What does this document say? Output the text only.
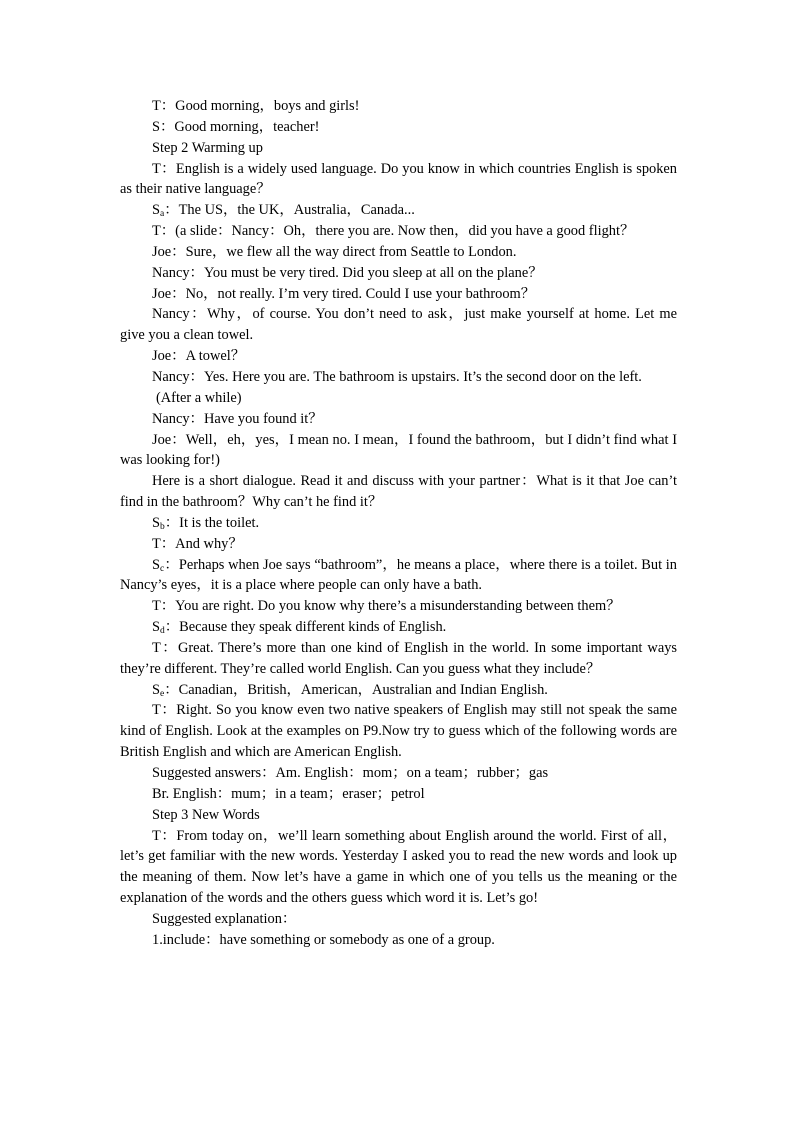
T：Good morning，boys and girls!

S：Good morning，teacher!

Step 2 Warming up

T：English is a widely used language. Do you know in which countries English is spoken as their native language？

$S_a$：The US，the UK，Australia，Canada...

T：(a slide：Nancy：Oh，there you are. Now then，did you have a good flight？

Joe：Sure，we flew all the way direct from Seattle to London.

Nancy：You must be very tired. Did you sleep at all on the plane？

Joe：No，not really. I’m very tired. Could I use your bathroom？

Nancy：Why，of course. You don’t need to ask，just make yourself at home. Let me give you a clean towel.

Joe：A towel？

Nancy：Yes. Here you are. The bathroom is upstairs. It’s the second door on the left.

(After a while)

Nancy：Have you found it？

Joe：Well，eh，yes，I mean no. I mean，I found the bathroom，but I didn’t find what I was looking for!)

Here is a short dialogue. Read it and discuss with your partner：What is it that Joe can’t find in the bathroom？Why can’t he find it？

$S_b$：It is the toilet.

T：And why？

$S_c$：Perhaps when Joe says “bathroom”，he means a place，where there is a toilet. But in Nancy’s eyes，it is a place where people can only have a bath.

T：You are right. Do you know why there’s a misunderstanding between them？

$S_d$：Because they speak different kinds of English.

T：Great. There’s more than one kind of English in the world. In some important ways they’re different. They’re called world English. Can you guess what they include？

$S_e$：Canadian，British，American，Australian and Indian English.

T：Right. So you know even two native speakers of English may still not speak the same kind of English. Look at the examples on P9.Now try to guess which of the following words are British English and which are American English.

Suggested answers：Am. English：mom；on a team；rubber；gas

Br. English：mum；in a team；eraser；petrol

Step 3 New Words

T：From today on，we’ll learn something about English around the world. First of all，let’s get familiar with the new words. Yesterday I asked you to read the new words and look up the meaning of them. Now let’s have a game in which one of you tells us the meaning or the explanation of the words and the others guess which word it is. Let’s go!

Suggested explanation：

1.include：have something or somebody as one of a group.
